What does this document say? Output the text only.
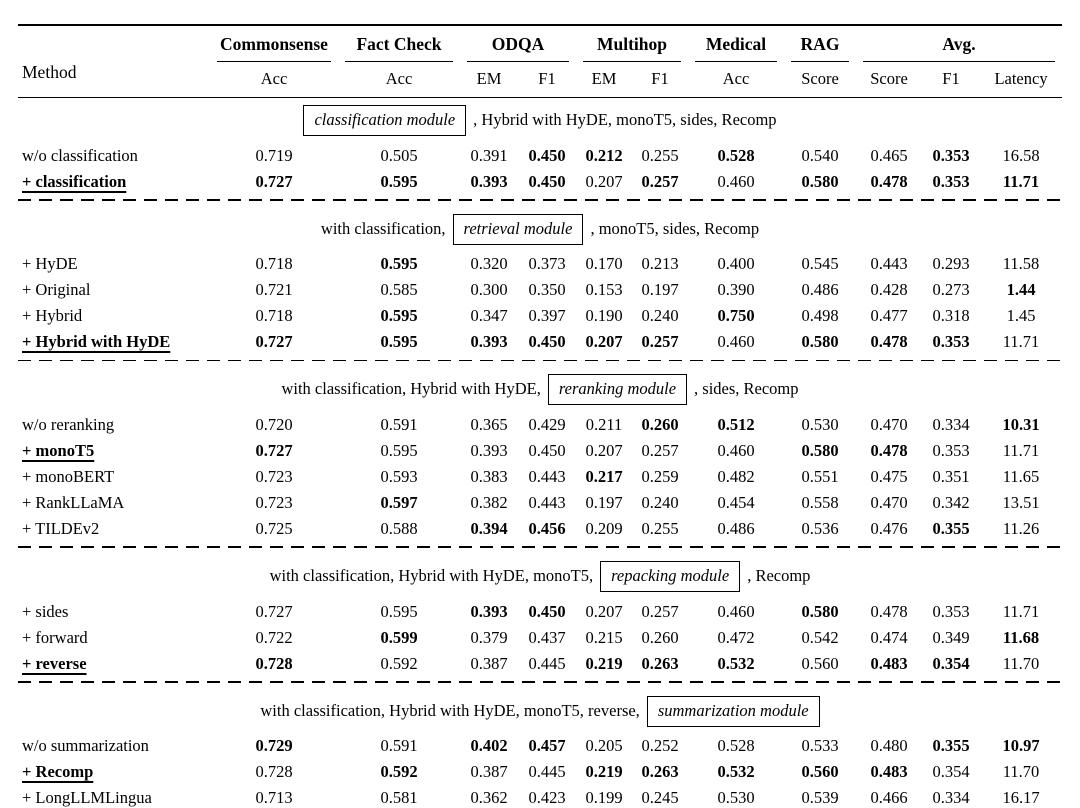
Method	Commonsense	Fact Check	ODQA		Multihop		Medical	RAG	Avg.		

	Acc	Acc	EM	F1	EM	F1	Acc	Score	Score	F1	Latency

classification module , Hybrid with HyDE, monoT5, sides, Recomp											

w/o classification	0.719	0.505	0.391	0.450	0.212	0.255	0.528	0.540	0.465	0.353	16.58
+ classification	0.727	0.595	0.393	0.450	0.207	0.257	0.460	0.580	0.478	0.353	11.71

with classification, retrieval module , monoT5, sides, Recomp											

+ HyDE	0.718	0.595	0.320	0.373	0.170	0.213	0.400	0.545	0.443	0.293	11.58
+ Original	0.721	0.585	0.300	0.350	0.153	0.197	0.390	0.486	0.428	0.273	1.44
+ Hybrid	0.718	0.595	0.347	0.397	0.190	0.240	0.750	0.498	0.477	0.318	1.45
+ Hybrid with HyDE	0.727	0.595	0.393	0.450	0.207	0.257	0.460	0.580	0.478	0.353	11.71

with classification, Hybrid with HyDE, reranking module , sides, Recomp											

w/o reranking	0.720	0.591	0.365	0.429	0.211	0.260	0.512	0.530	0.470	0.334	10.31
+ monoT5	0.727	0.595	0.393	0.450	0.207	0.257	0.460	0.580	0.478	0.353	11.71
+ monoBERT	0.723	0.593	0.383	0.443	0.217	0.259	0.482	0.551	0.475	0.351	11.65
+ RankLLaMA	0.723	0.597	0.382	0.443	0.197	0.240	0.454	0.558	0.470	0.342	13.51
+ TILDEv2	0.725	0.588	0.394	0.456	0.209	0.255	0.486	0.536	0.476	0.355	11.26

with classification, Hybrid with HyDE, monoT5, repacking module , Recomp											

+ sides	0.727	0.595	0.393	0.450	0.207	0.257	0.460	0.580	0.478	0.353	11.71
+ forward	0.722	0.599	0.379	0.437	0.215	0.260	0.472	0.542	0.474	0.349	11.68
+ reverse	0.728	0.592	0.387	0.445	0.219	0.263	0.532	0.560	0.483	0.354	11.70

with classification, Hybrid with HyDE, monoT5, reverse, summarization module											

w/o summarization	0.729	0.591	0.402	0.457	0.205	0.252	0.528	0.533	0.480	0.355	10.97
+ Recomp	0.728	0.592	0.387	0.445	0.219	0.263	0.532	0.560	0.483	0.354	11.70
+ LongLLMLingua	0.713	0.581	0.362	0.423	0.199	0.245	0.530	0.539	0.466	0.334	16.17
